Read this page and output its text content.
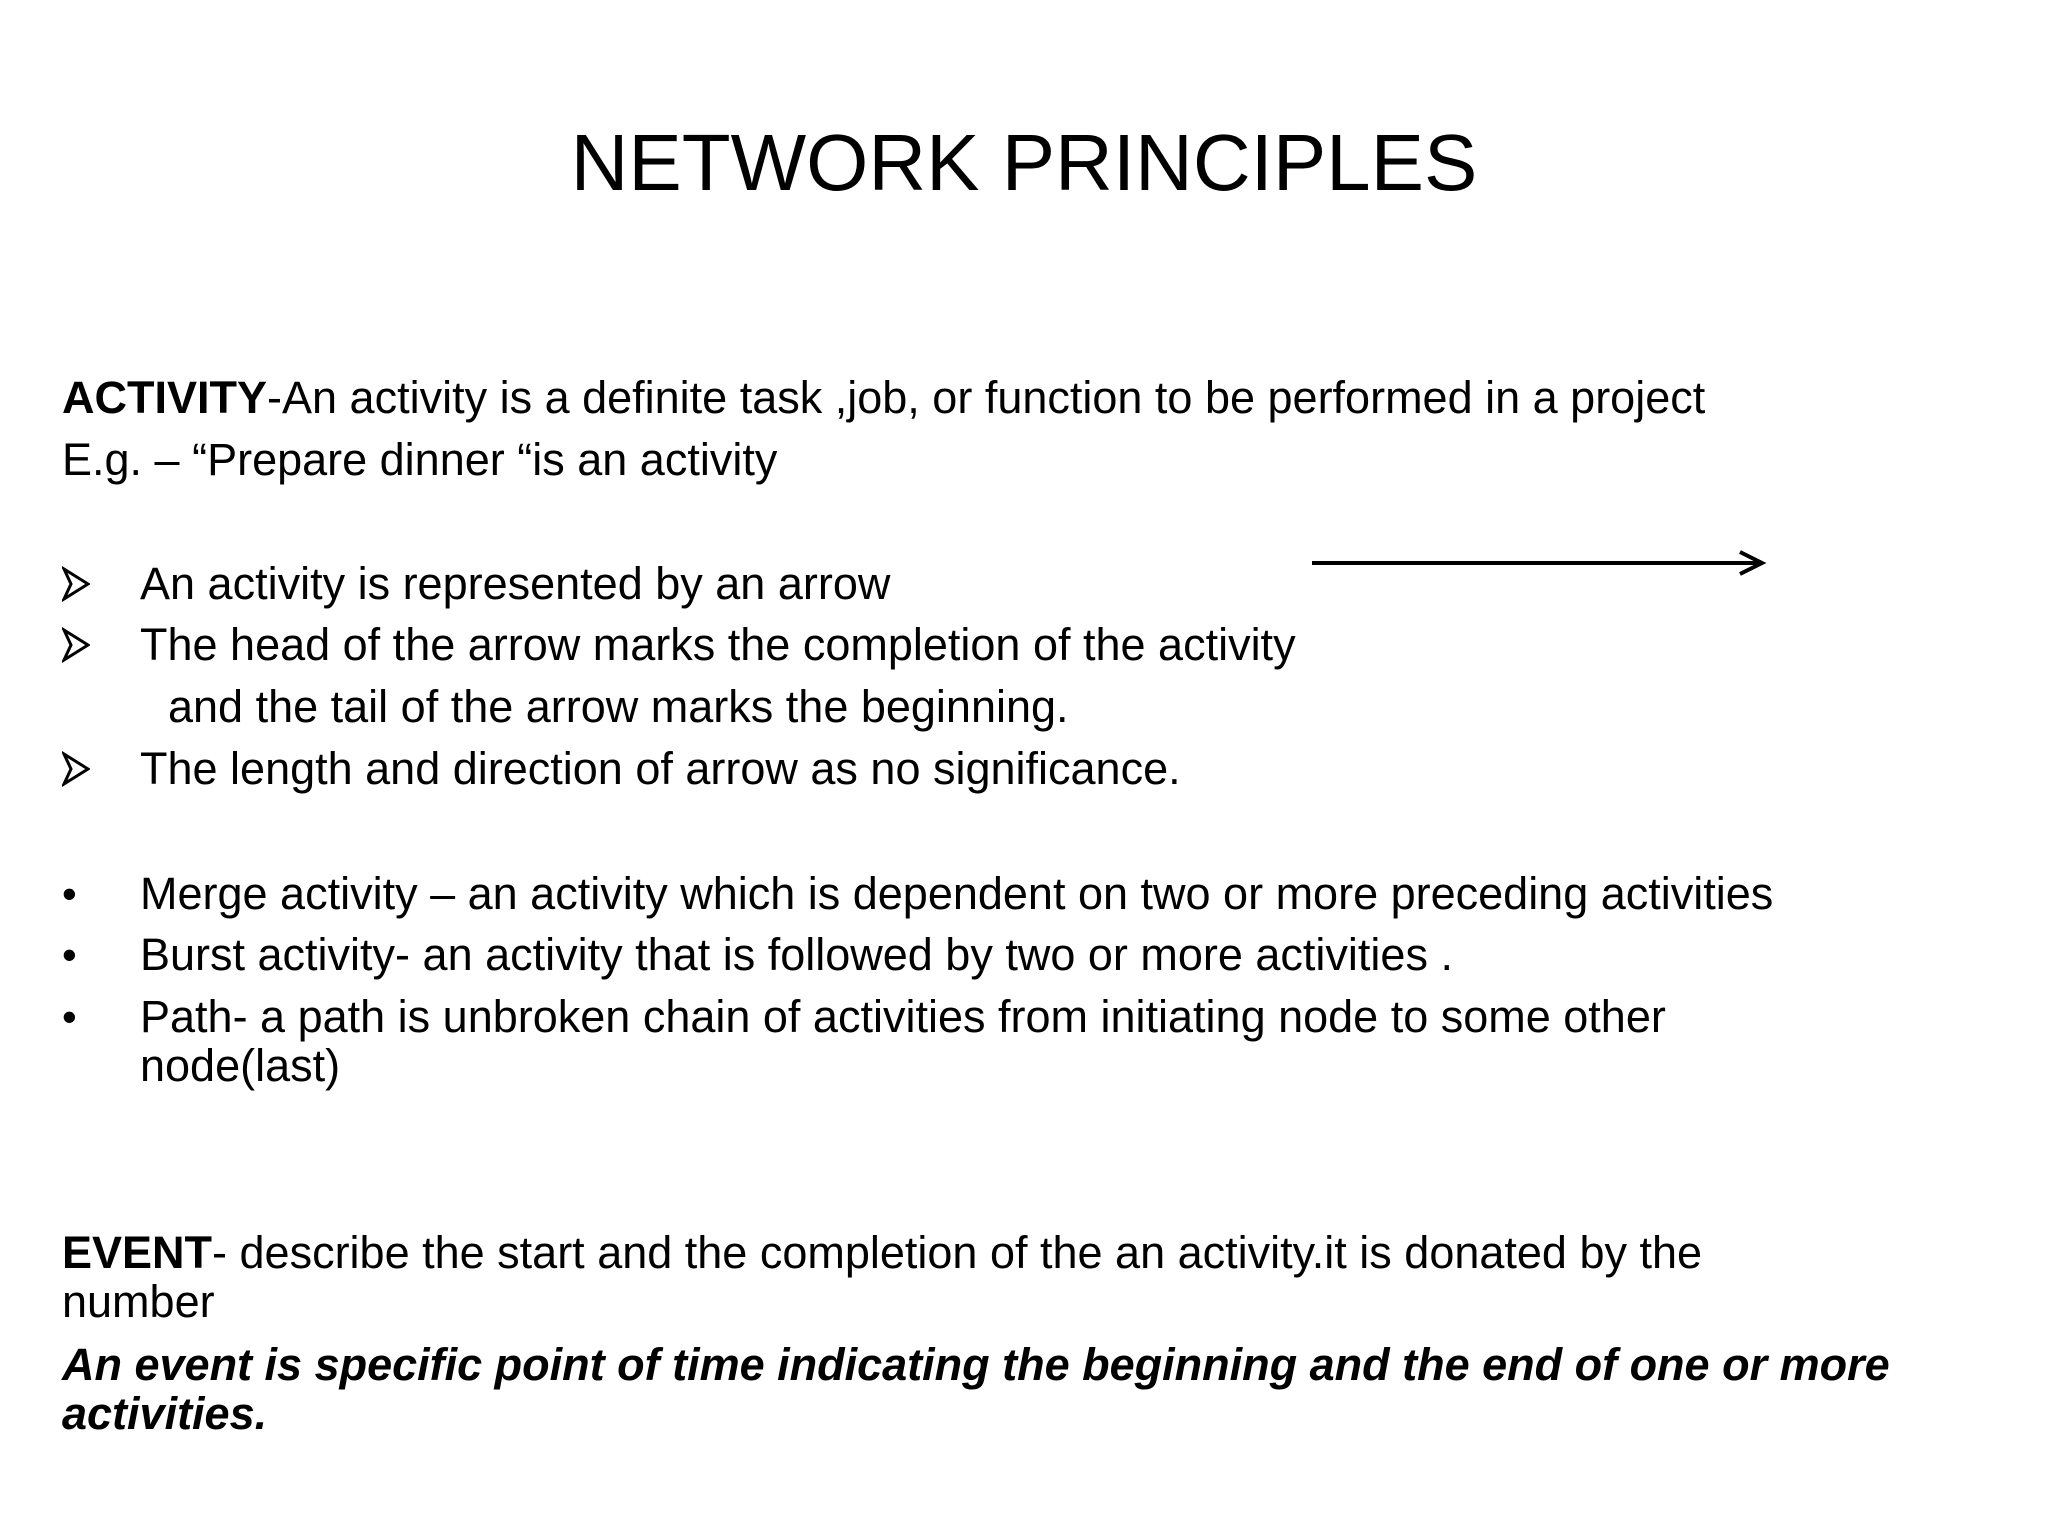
NETWORK PRINCIPLES
ACTIVITY-An activity is a definite task ,job, or function to be performed in a project
E.g. – “Prepare dinner “is an activity
An activity is represented by an arrow
The head of the arrow marks the completion of the activity
and the tail of the arrow marks the beginning.
The length and direction of arrow as no significance.
•	Merge activity – an activity which is dependent on two or more preceding activities
•	Burst activity- an activity that is followed by two or more activities .
•	Path- a path is unbroken chain of activities from initiating node to some other
node(last)
EVENT- describe the start and the completion of the an activity.it is donated by the
number
An event is specific point of time indicating the beginning and the end of one or more
activities.
